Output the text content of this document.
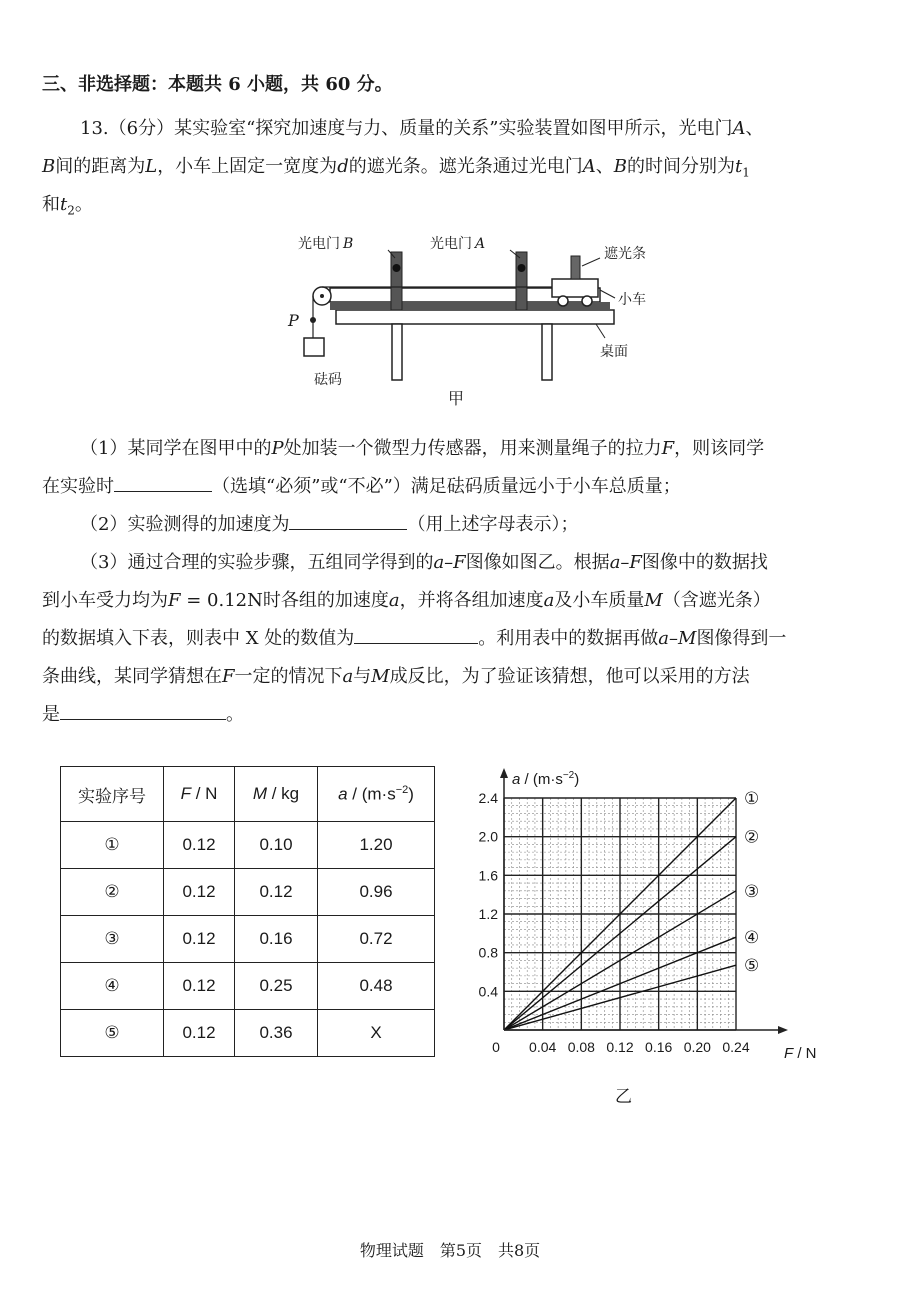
三、非选择题：本题共 6 小题，共 60 分。
13.（6分）某实验室“探究加速度与力、质量的关系”实验装置如图甲所示，光电门A、
B间的距离为L，小车上固定一宽度为d的遮光条。遮光条通过光电门A、B的时间分别为$t_1$
和$t_2$。
光电门 B	光电门 A
遮光条
小车
桌面
P
砝码
甲
（1）某同学在图甲中的P处加装一个微型力传感器，用来测量绳子的拉力F，则该同学
在实验时	（选填“必须”或“不必”）满足砝码质量远小于小车总质量；
（2）实验测得的加速度为	（用上述字母表示）；
（3）通过合理的实验步骤，五组同学得到的a–F图像如图乙。根据a–F图像中的数据找
到小车受力均为F = 0.12N时各组的加速度a，并将各组加速度a及小车质量M（含遮光条）
的数据填入下表，则表中 X 处的数值为	。利用表中的数据再做a–M图像得到一
条曲线，某同学猜想在F一定的情况下a与M成反比，为了验证该猜想，他可以采用的方法
是	。
实验序号	F / N	M / kg	$a / (m\cdot s^{-2})$
①	0.12	0.10	1.20
②	0.12	0.12	0.96
③	0.12	0.16	0.72
④	0.12	0.25	0.48
⑤	0.12	0.36	X
①
②
③
④
⑤
0.04 0.08 0.12 0.16 0.20 0.24
0.4
0.8
1.2
1.6
2.0
2.4
$a / (m\cdot s^{-2})$
F / N
0
乙
物理试题　第5页　共8页
